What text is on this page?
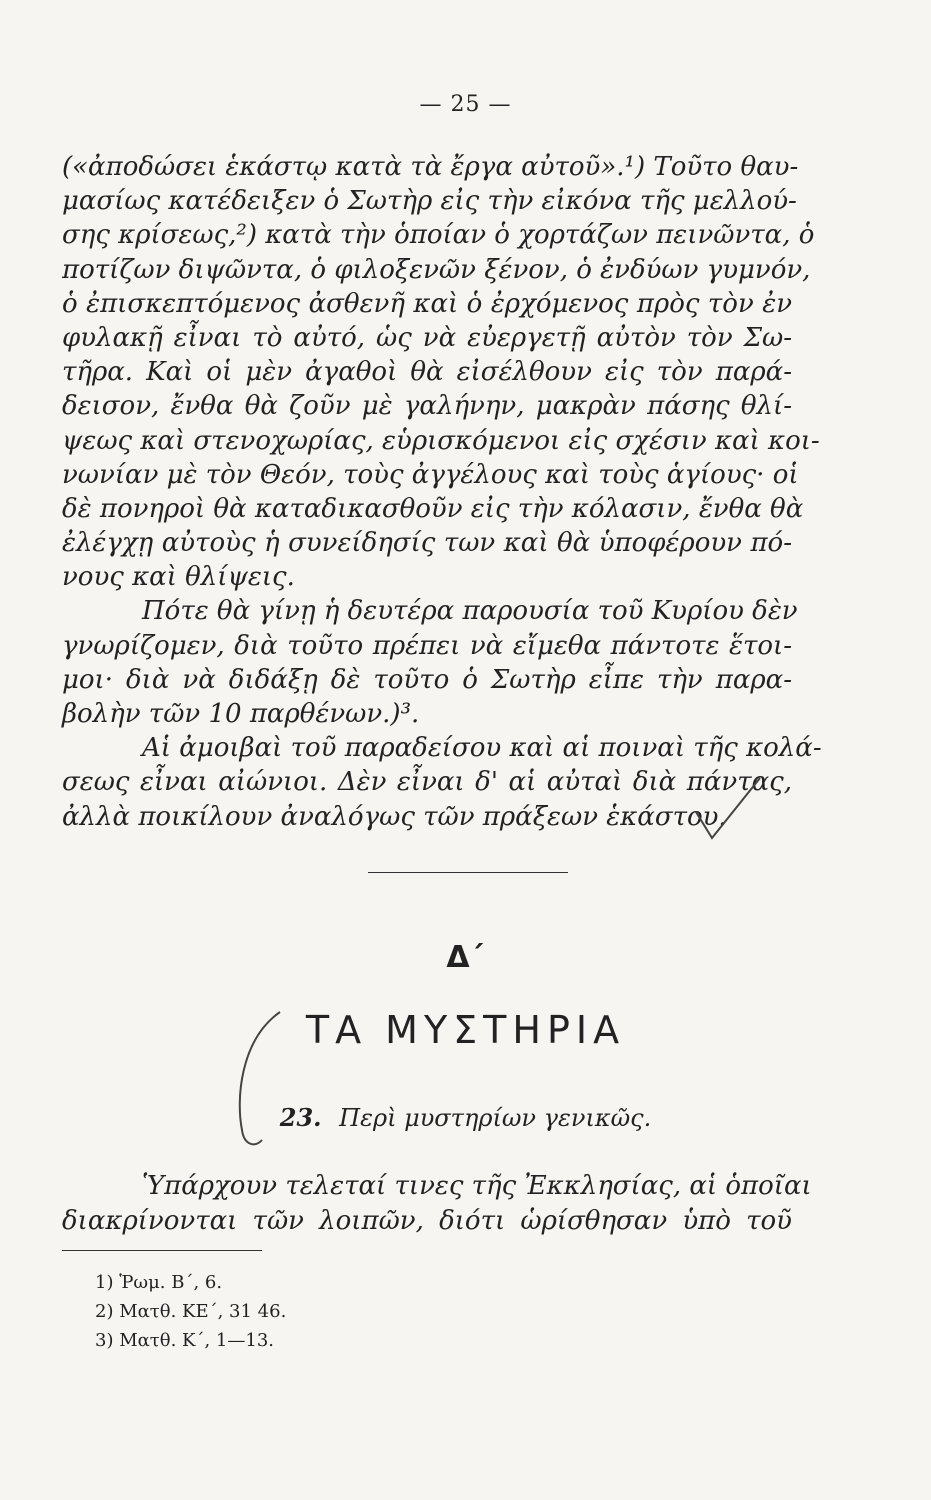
— 25 —
(«ἀποδώσει ἑκάστῳ κατὰ τὰ ἔργα αὐτοῦ».¹) Τοῦτο θαυ-
μασίως κατέδειξεν ὁ Σωτὴρ εἰς τὴν εἰκόνα τῆς μελλού-
σης κρίσεως,²) κατὰ τὴν ὁποίαν ὁ χορτάζων πεινῶντα, ὁ
ποτίζων διψῶντα, ὁ φιλοξενῶν ξένον, ὁ ἐνδύων γυμνόν,
ὁ ἐπισκεπτόμενος ἀσθενῆ καὶ ὁ ἐρχόμενος πρὸς τὸν ἐν
φυλακῇ εἶναι τὸ αὐτό, ὡς νὰ εὐεργετῇ αὐτὸν τὸν Σω-
τῆρα. Καὶ οἱ μὲν ἀγαθοὶ θὰ εἰσέλθουν εἰς τὸν παρά-
δεισον, ἔνθα θὰ ζοῦν μὲ γαλήνην, μακρὰν πάσης θλί-
ψεως καὶ στενοχωρίας, εὑρισκόμενοι εἰς σχέσιν καὶ κοι-
νωνίαν μὲ τὸν Θεόν, τοὺς ἀγγέλους καὶ τοὺς ἁγίους· οἱ
δὲ πονηροὶ θὰ καταδικασθοῦν εἰς τὴν κόλασιν, ἔνθα θὰ
ἐλέγχῃ αὐτοὺς ἡ συνείδησίς των καὶ θὰ ὑποφέρουν πό-
νους καὶ θλίψεις.
Πότε θὰ γίνῃ ἡ δευτέρα παρουσία τοῦ Κυρίου δὲν
γνωρίζομεν, διὰ τοῦτο πρέπει νὰ εἴμεθα πάντοτε ἕτοι-
μοι· διὰ νὰ διδάξῃ δὲ τοῦτο ὁ Σωτὴρ εἶπε τὴν παρα-
βολὴν τῶν 10 παρθένων.)³.
Αἱ ἀμοιβαὶ τοῦ παραδείσου καὶ αἱ ποιναὶ τῆς κολά-
σεως εἶναι αἰώνιοι. Δὲν εἶναι δ' αἱ αὐταὶ διὰ πάντας,
ἀλλὰ ποικίλουν ἀναλόγως τῶν πράξεων ἑκάστου.
Δ´
ΤΑ ΜΥΣΤΗΡΙΑ
23. Περὶ μυστηρίων γενικῶς.
Ὑπάρχουν τελεταί τινες τῆς Ἐκκλησίας, αἱ ὁποῖαι
διακρίνονται τῶν λοιπῶν, διότι ὡρίσθησαν ὑπὸ τοῦ
1) Ῥωμ. Β´, 6.
2) Ματθ. ΚΕ´, 31 46.
3) Ματθ. Κ´, 1—13.
